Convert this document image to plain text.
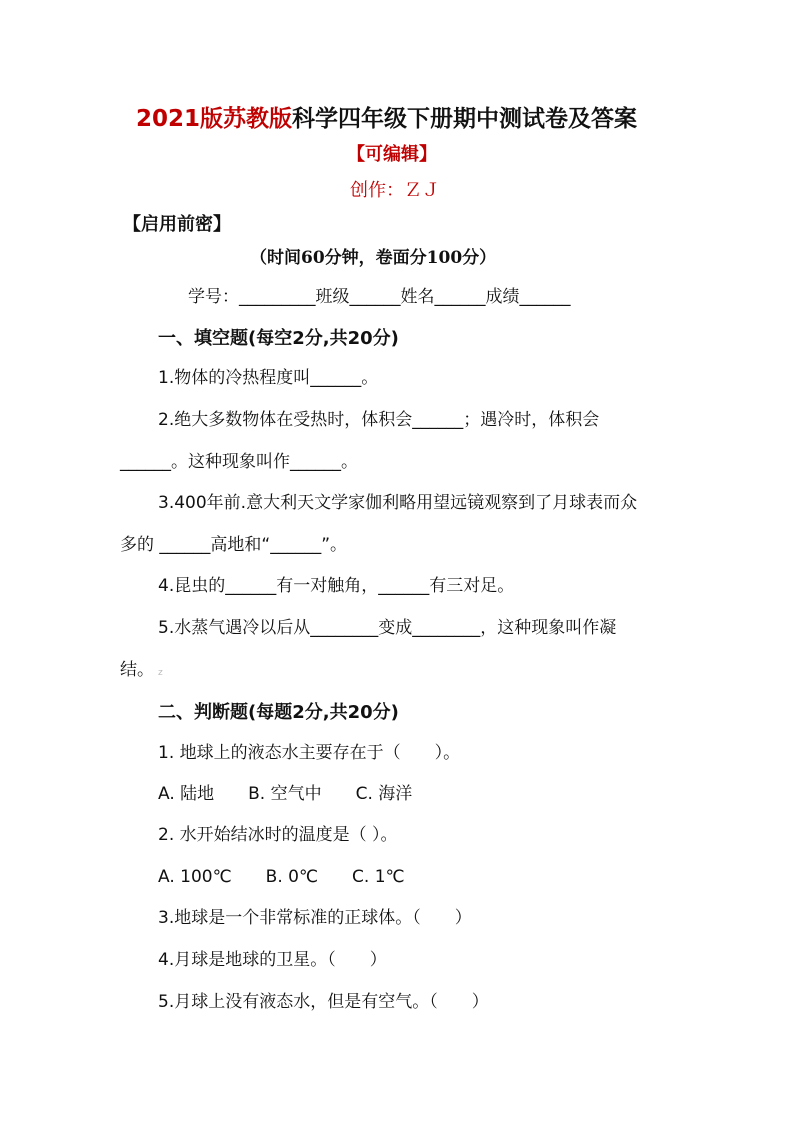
2021版苏教版科学四年级下册期中测试卷及答案
【可编辑】
创作：ＺＪ
【启用前密】
（时间60分钟，卷面分100分）
学号：_________班级______姓名______成绩______
一、填空题(每空2分,共20分)
1.物体的冷热程度叫______。
2.绝大多数物体在受热时，体积会______；遇冷时，体积会
______。这种现象叫作______。
3.400年前.意大利天文学家伽利略用望远镜观察到了月球表而众
多的 ______高地和“______”。
4.昆虫的______有一对触角，______有三对足。
5.水蒸气遇冷以后从________变成________，这种现象叫作凝
结。 z
二、判断题(每题2分,共20分)
1. 地球上的液态水主要存在于（　　）。
A. 陆地　　B. 空气中　　C. 海洋
2. 水开始结冰时的温度是（ ）。
A. 100℃　　B. 0℃　　C. 1℃
3.地球是一个非常标准的正球体。（　　）
4.月球是地球的卫星。（　　）
5.月球上没有液态水，但是有空气。（　　）
